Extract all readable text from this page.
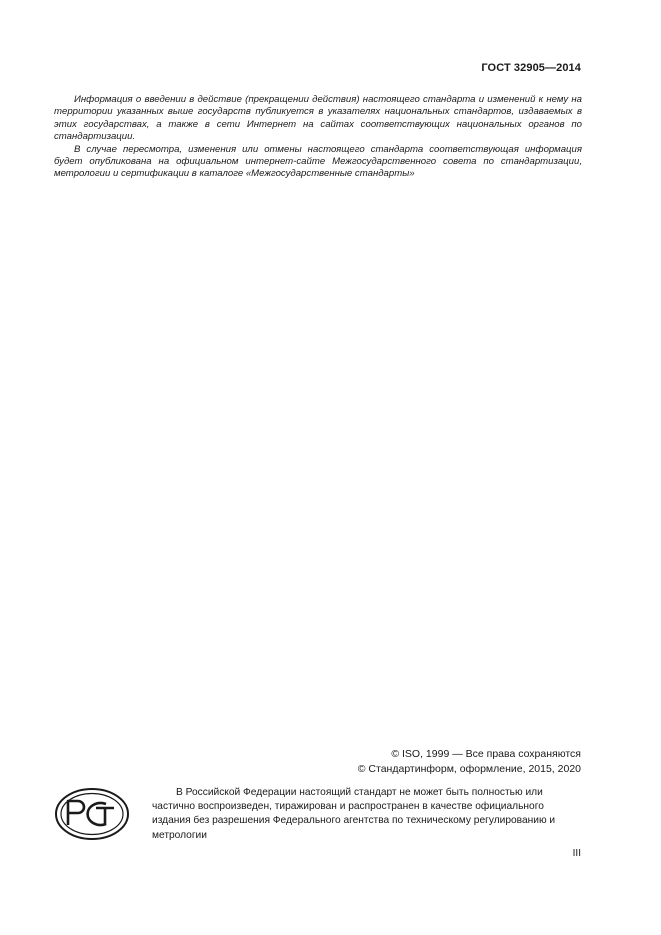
ГОСТ 32905—2014

Информация о введении в действие (прекращении действия) настоящего стандарта и изменений к нему на территории указанных выше государств публикуется в указателях национальных стандартов, издаваемых в этих государствах, а также в сети Интернет на сайтах соответствующих национальных органов по стандартизации.

В случае пересмотра, изменения или отмены настоящего стандарта соответствующая информация будет опубликована на официальном интернет-сайте Межгосударственного совета по стандартизации, метрологии и сертификации в каталоге «Межгосударственные стандарты»

© ISO, 1999 — Все права сохраняются
© Стандартинформ, оформление, 2015, 2020

В Российской Федерации настоящий стандарт не может быть полностью или частично воспроизведен, тиражирован и распространен в качестве официального издания без разрешения Федерального агентства по техническому регулированию и метрологии

III
